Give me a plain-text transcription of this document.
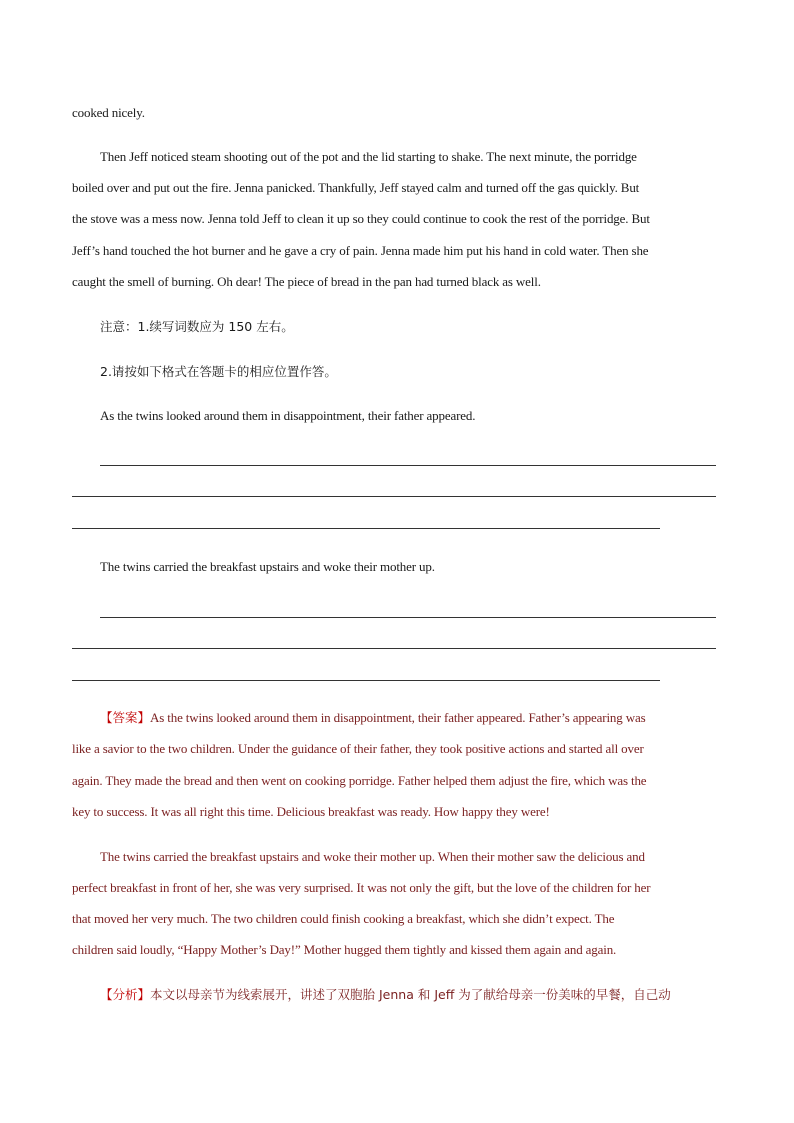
cooked nicely.
Then Jeff noticed steam shooting out of the pot and the lid starting to shake. The next minute, the porridge
boiled over and put out the fire. Jenna panicked. Thankfully, Jeff stayed calm and turned off the gas quickly. But
the stove was a mess now. Jenna told Jeff to clean it up so they could continue to cook the rest of the porridge. But
Jeff’s hand touched the hot burner and he gave a cry of pain. Jenna made him put his hand in cold water. Then she
caught the smell of burning. Oh dear! The piece of bread in the pan had turned black as well.
注意：1.续写词数应为 150 左右。
2.请按如下格式在答题卡的相应位置作答。
As the twins looked around them in disappointment, their father appeared.
The twins carried the breakfast upstairs and woke their mother up.
【答案】As the twins looked around them in disappointment, their father appeared. Father’s appearing was
like a savior to the two children. Under the guidance of their father, they took positive actions and started all over
again. They made the bread and then went on cooking porridge. Father helped them adjust the fire, which was the
key to success. It was all right this time. Delicious breakfast was ready. How happy they were!
The twins carried the breakfast upstairs and woke their mother up. When their mother saw the delicious and
perfect breakfast in front of her, she was very surprised. It was not only the gift, but the love of the children for her
that moved her very much. The two children could finish cooking a breakfast, which she didn’t expect. The
children said loudly, “Happy Mother’s Day!” Mother hugged them tightly and kissed them again and again.
【分析】本文以母亲节为线索展开，讲述了双胞胎 Jenna 和 Jeff 为了献给母亲一份美味的早餐，自己动
